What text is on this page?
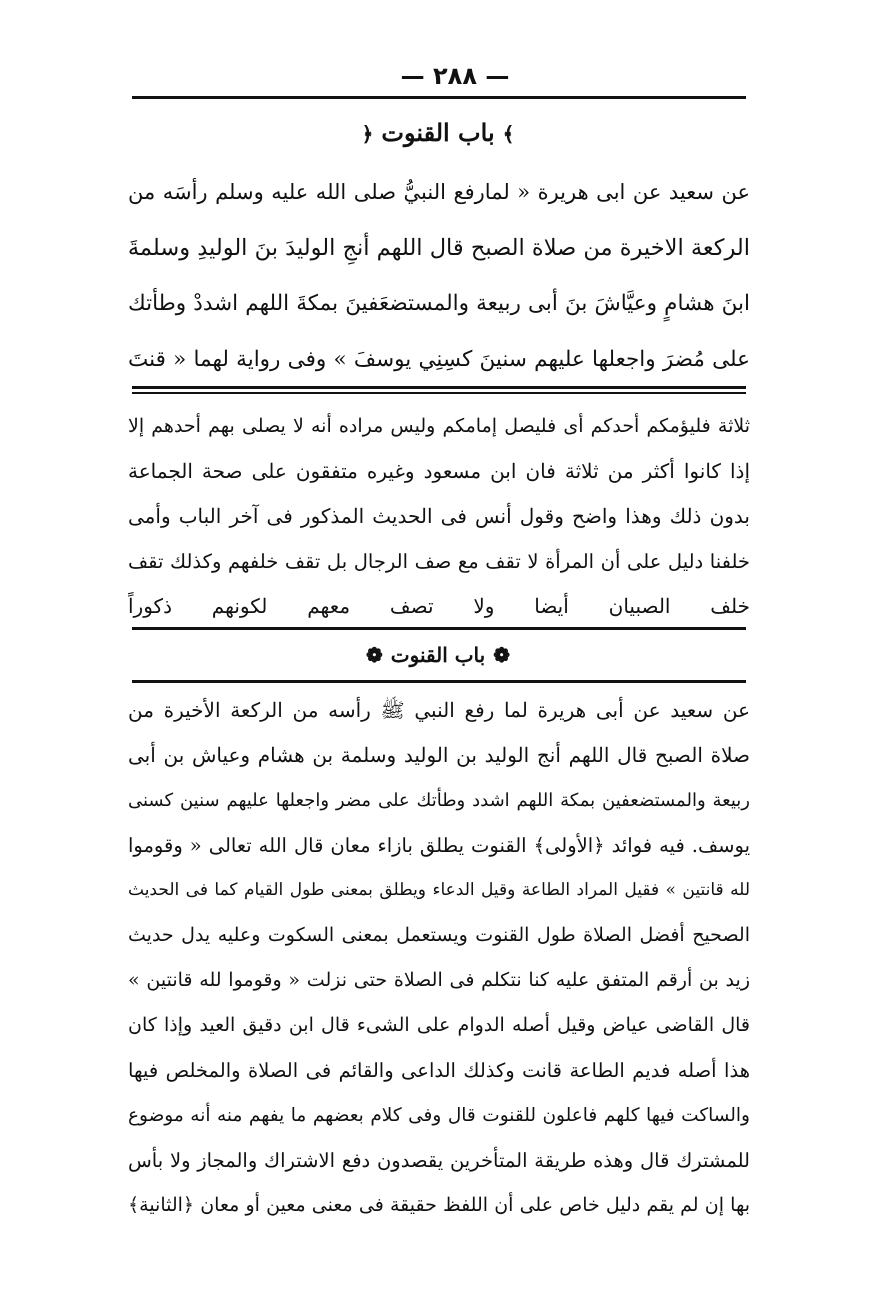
— ٢٨٨ —
﴾باب القنوت﴿
عن سعيد عن ابى هريرة « لمارفع النبيُّ صلى الله عليه وسلم رأسَه من
الركعة الاخيرة من صلاة الصبح قال اللهم أنجِ الوليدَ بنَ الوليدِ وسلمةَ
ابنَ هشامٍ وعيَّاشَ بنَ أبى ربيعة والمستضعَفينَ بمكةَ اللهم اشددْ وطأتك
على مُضرَ واجعلها عليهم سنينَ كسِنِي يوسفَ » وفى رواية لهما « قنتَ
ثلاثة فليؤمكم أحدكم أى فليصل إمامكم وليس مراده أنه لا يصلى بهم أحدهم إلا
إذا كانوا أكثر من ثلاثة فان ابن مسعود وغيره متفقون على صحة الجماعة
بدون ذلك وهذا واضح وقول أنس فى الحديث المذكور فى آخر الباب وأمى
خلفنا دليل على أن المرأة لا تقف مع صف الرجال بل تقف خلفهم وكذلك تقف
خلف الصبيان أيضا ولا تصف معهم لكونهم ذكوراً
❁باب القنوت❁
عن سعيد عن أبى هريرة لما رفع النبي ﷺ رأسه من الركعة الأخيرة من
صلاة الصبح قال اللهم أنج الوليد بن الوليد وسلمة بن هشام وعياش بن أبى
ربيعة والمستضعفين بمكة اللهم اشدد وطأتك على مضر واجعلها عليهم سنين كسنى
يوسف. فيه فوائد ﴿الأولى﴾ القنوت يطلق بازاء معان قال الله تعالى « وقوموا
لله قانتين » فقيل المراد الطاعة وقيل الدعاء ويطلق بمعنى طول القيام كما فى الحديث
الصحيح أفضل الصلاة طول القنوت ويستعمل بمعنى السكوت وعليه يدل حديث
زيد بن أرقم المتفق عليه كنا نتكلم فى الصلاة حتى نزلت « وقوموا لله قانتين »
قال القاضى عياض وقيل أصله الدوام على الشىء قال ابن دقيق العيد وإذا كان
هذا أصله فديم الطاعة قانت وكذلك الداعى والقائم فى الصلاة والمخلص فيها
والساكت فيها كلهم فاعلون للقنوت قال وفى كلام بعضهم ما يفهم منه أنه موضوع
للمشترك قال وهذه طريقة المتأخرين يقصدون دفع الاشتراك والمجاز ولا بأس
بها إن لم يقم دليل خاص على أن اللفظ حقيقة فى معنى معين أو معان ﴿الثانية﴾
